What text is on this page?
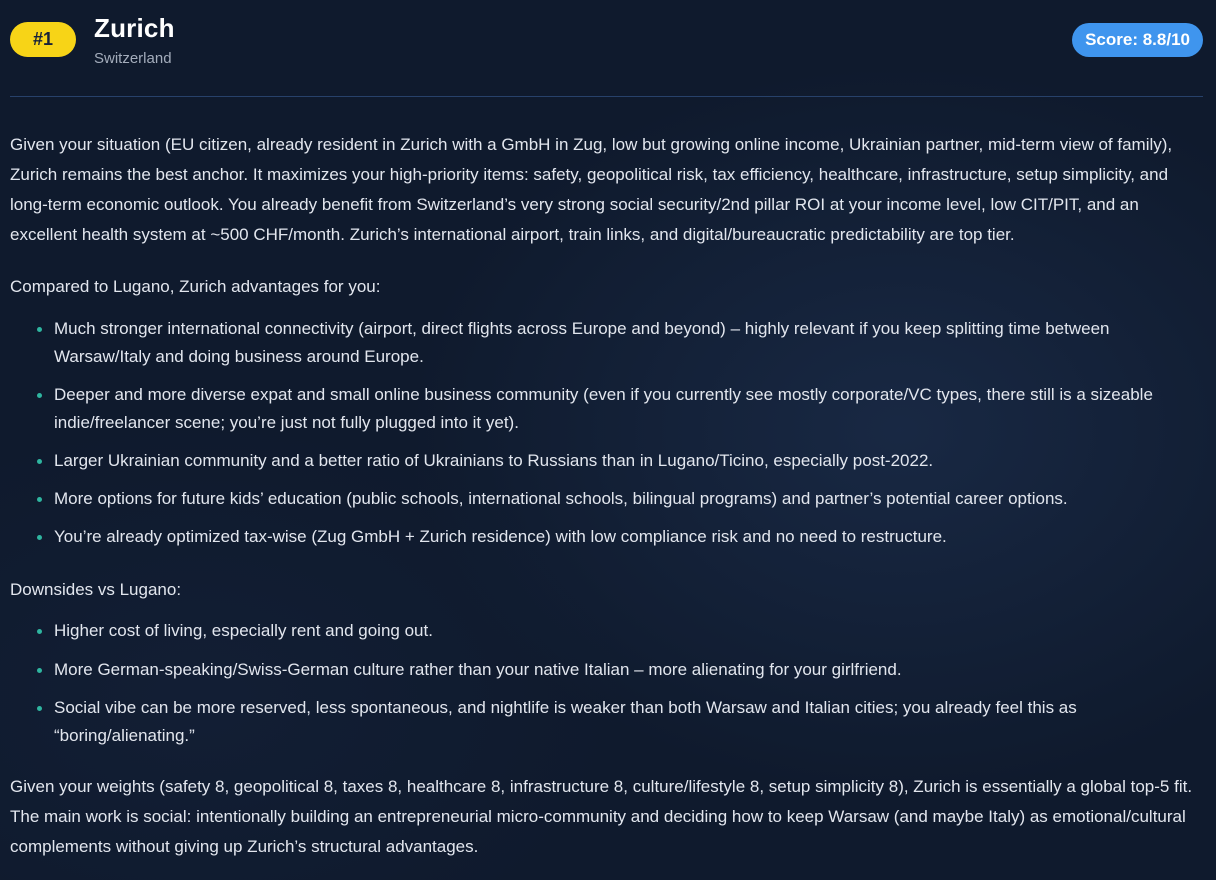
#1	Zurich
Switzerland
Score: 8.8/10

Given your situation (EU citizen, already resident in Zurich with a GmbH in Zug, low but growing online income, Ukrainian partner, mid-term view of family), Zurich remains the best anchor. It maximizes your high-priority items: safety, geopolitical risk, tax efficiency, healthcare, infrastructure, setup simplicity, and long-term economic outlook. You already benefit from Switzerland’s very strong social security/2nd pillar ROI at your income level, low CIT/PIT, and an excellent health system at ~500 CHF/month. Zurich’s international airport, train links, and digital/bureaucratic predictability are top tier.

Compared to Lugano, Zurich advantages for you:

Much stronger international connectivity (airport, direct flights across Europe and beyond) – highly relevant if you keep splitting time between Warsaw/Italy and doing business around Europe.
Deeper and more diverse expat and small online business community (even if you currently see mostly corporate/VC types, there still is a sizeable indie/freelancer scene; you’re just not fully plugged into it yet).
Larger Ukrainian community and a better ratio of Ukrainians to Russians than in Lugano/Ticino, especially post-2022.
More options for future kids’ education (public schools, international schools, bilingual programs) and partner’s potential career options.
You’re already optimized tax-wise (Zug GmbH + Zurich residence) with low compliance risk and no need to restructure.

Downsides vs Lugano:

Higher cost of living, especially rent and going out.
More German-speaking/Swiss-German culture rather than your native Italian – more alienating for your girlfriend.
Social vibe can be more reserved, less spontaneous, and nightlife is weaker than both Warsaw and Italian cities; you already feel this as “boring/alienating.”

Given your weights (safety 8, geopolitical 8, taxes 8, healthcare 8, infrastructure 8, culture/lifestyle 8, setup simplicity 8), Zurich is essentially a global top-5 fit. The main work is social: intentionally building an entrepreneurial micro-community and deciding how to keep Warsaw (and maybe Italy) as emotional/cultural complements without giving up Zurich’s structural advantages.
